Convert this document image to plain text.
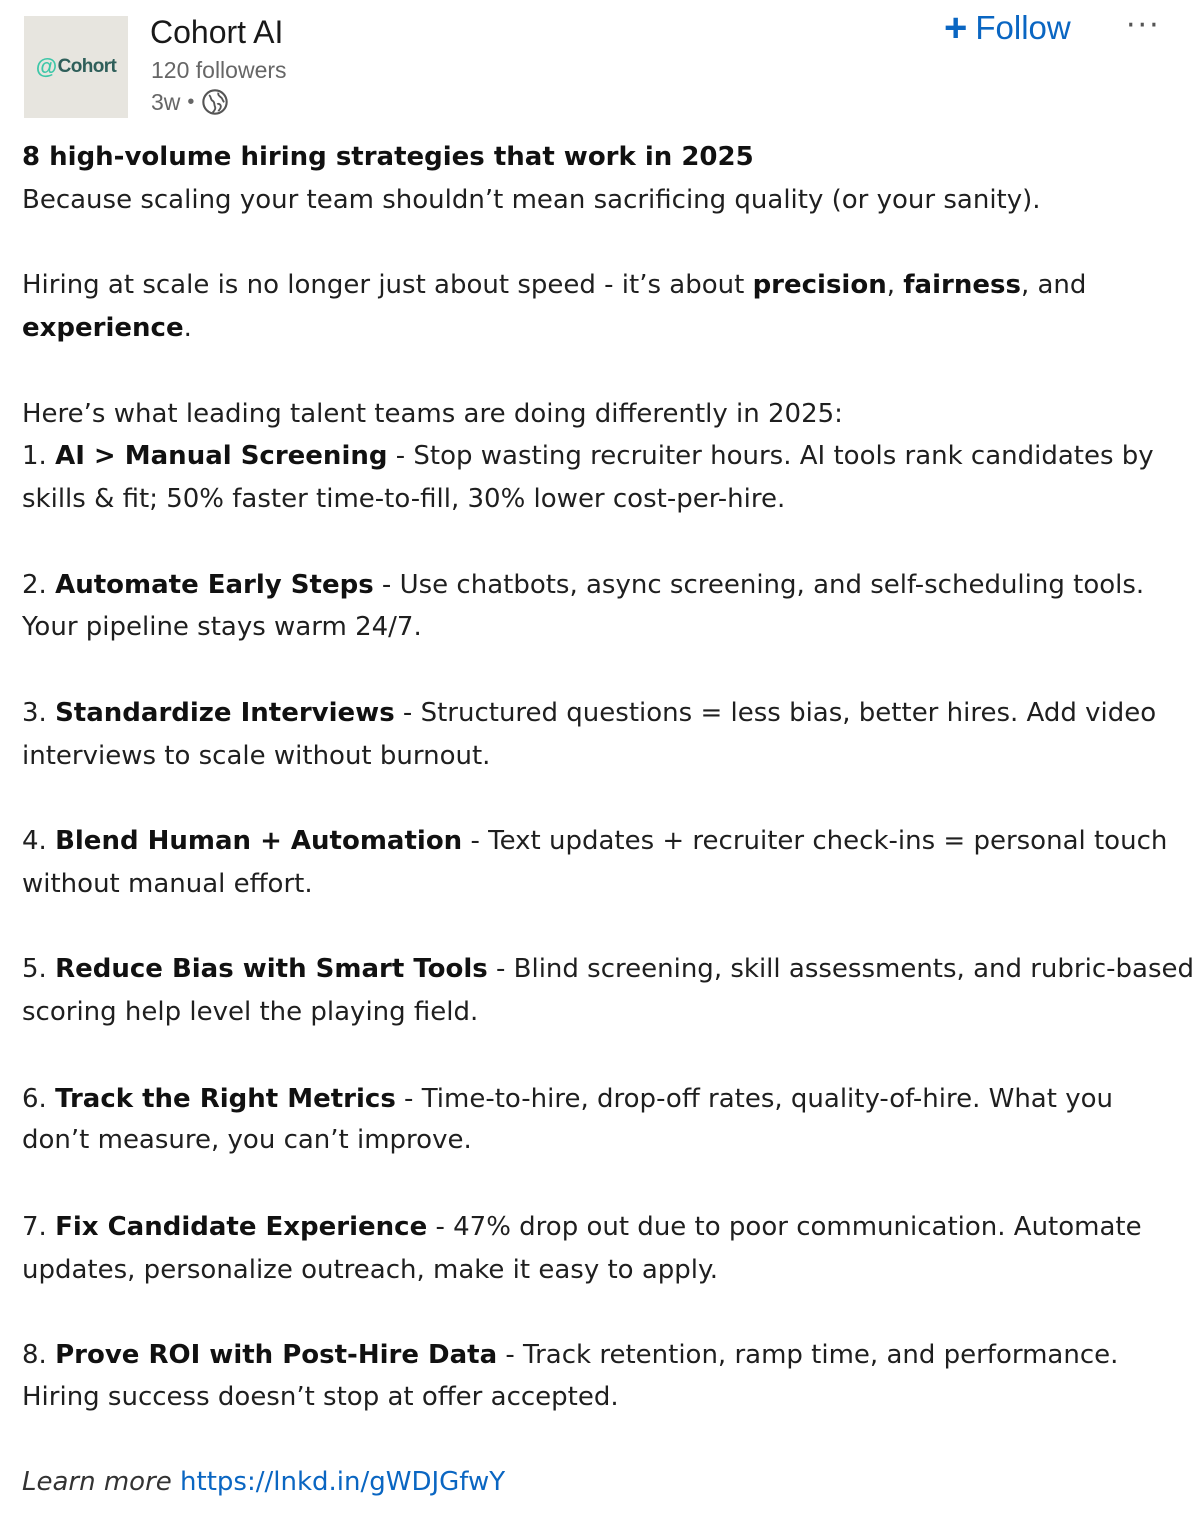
@ Cohort
Cohort AI
120 followers
3w •
+ Follow ···
8 high-volume hiring strategies that work in 2025
Because scaling your team shouldn’t mean sacrificing quality (or your sanity).
Hiring at scale is no longer just about speed - it’s about precision, fairness, and
experience.
Here’s what leading talent teams are doing differently in 2025:
1. AI > Manual Screening - Stop wasting recruiter hours. AI tools rank candidates by
skills & fit; 50% faster time-to-fill, 30% lower cost-per-hire.
2. Automate Early Steps - Use chatbots, async screening, and self-scheduling tools.
Your pipeline stays warm 24/7.
3. Standardize Interviews - Structured questions = less bias, better hires. Add video
interviews to scale without burnout.
4. Blend Human + Automation - Text updates + recruiter check-ins = personal touch
without manual effort.
5. Reduce Bias with Smart Tools - Blind screening, skill assessments, and rubric-based
scoring help level the playing field.
6. Track the Right Metrics - Time-to-hire, drop-off rates, quality-of-hire. What you
don’t measure, you can’t improve.
7. Fix Candidate Experience - 47% drop out due to poor communication. Automate
updates, personalize outreach, make it easy to apply.
8. Prove ROI with Post-Hire Data - Track retention, ramp time, and performance.
Hiring success doesn’t stop at offer accepted.
Learn more https://lnkd.in/gWDJGfwY
